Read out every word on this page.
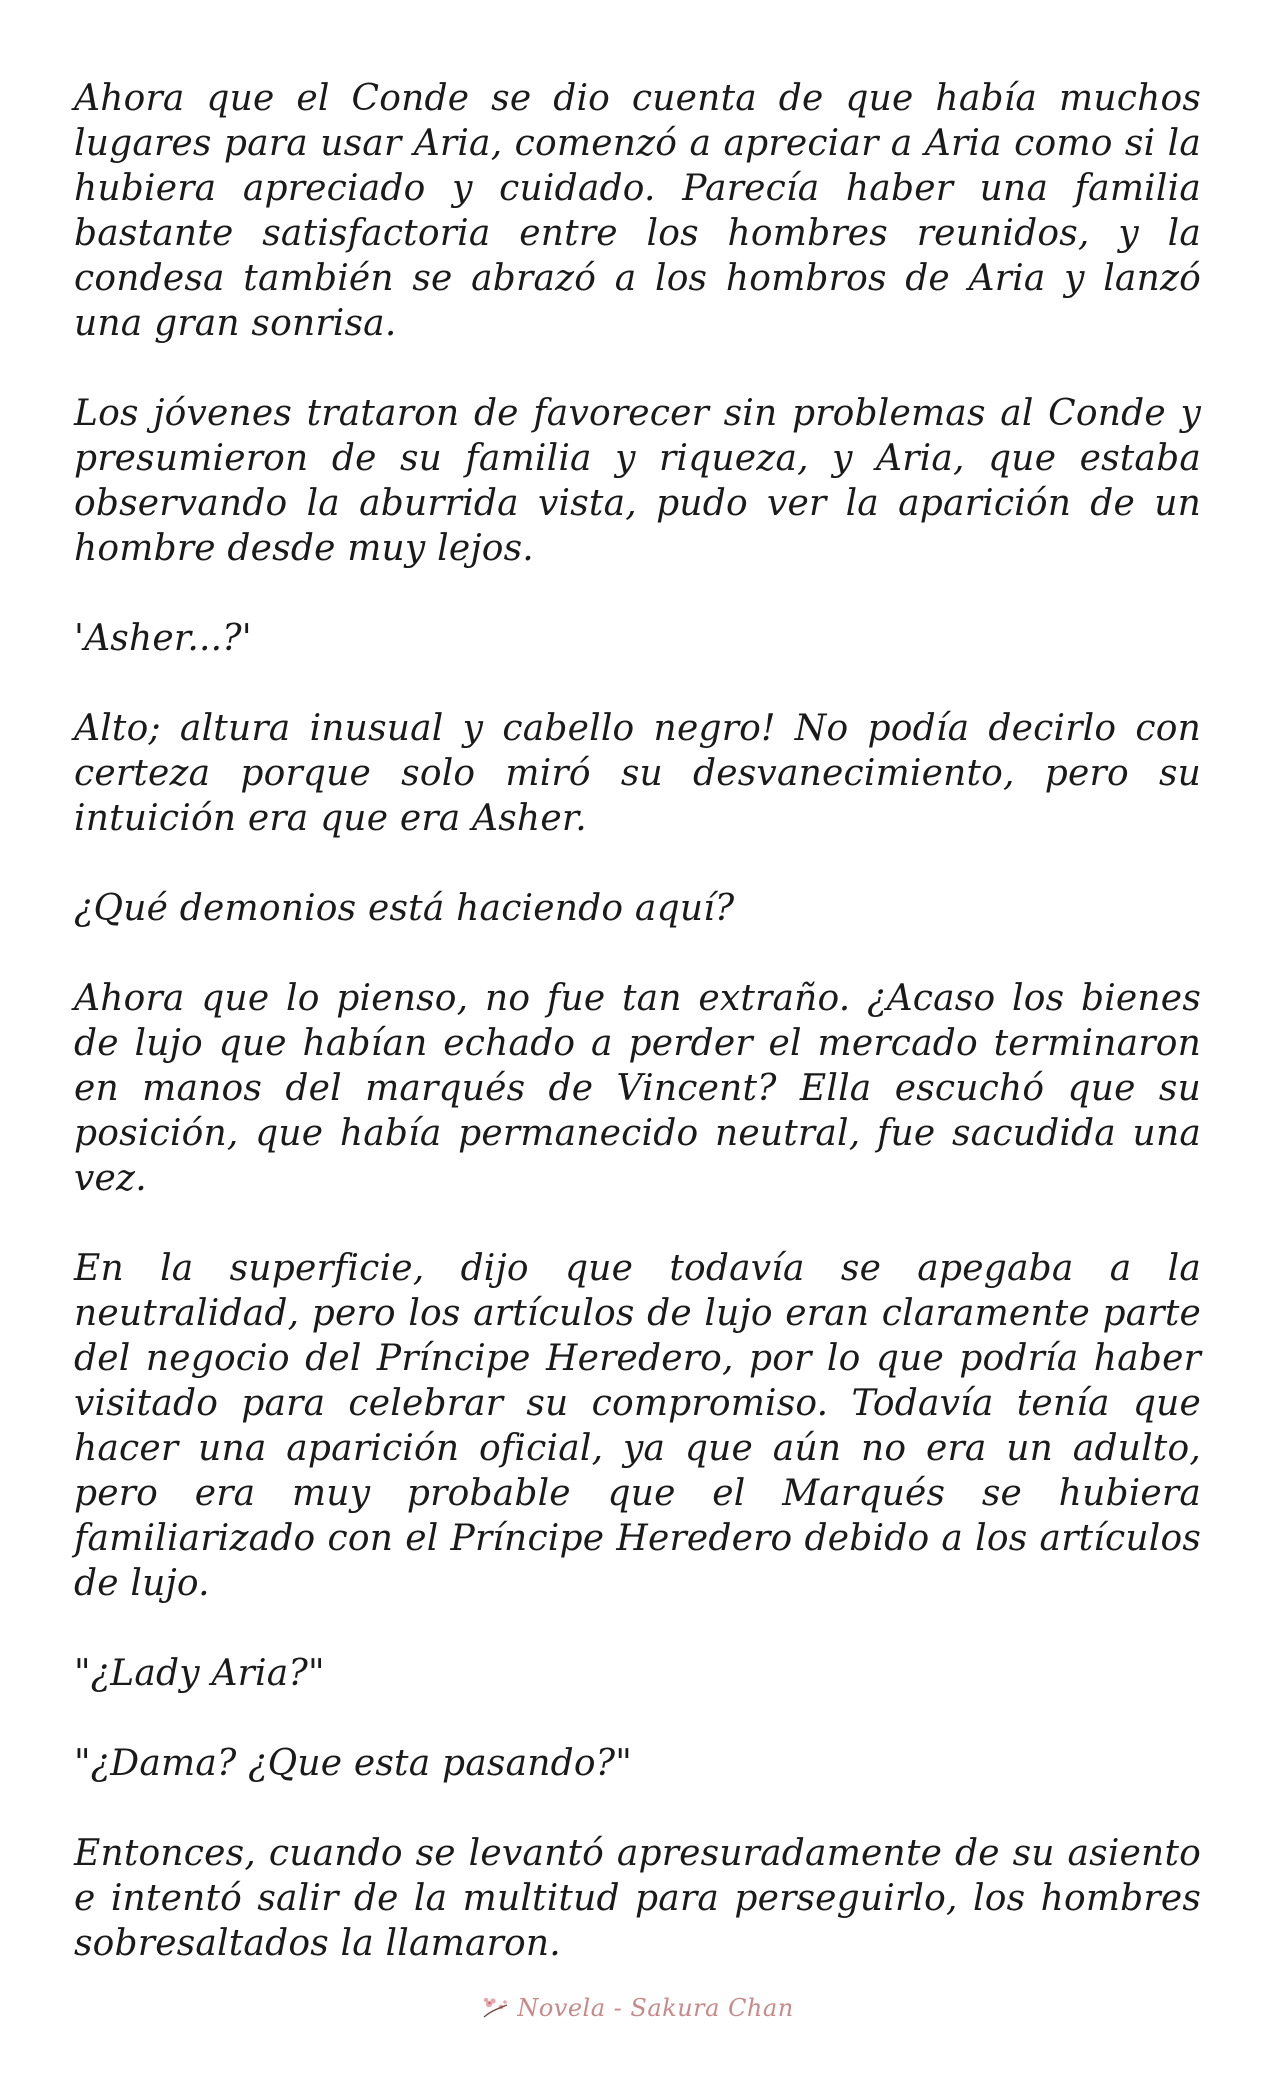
Ahora que el Conde se dio cuenta de que había muchos lugares para usar Aria, comenzó a apreciar a Aria como si la hubiera apreciado y cuidado. Parecía haber una familia bastante satisfactoria entre los hombres reunidos, y la condesa también se abrazó a los hombros de Aria y lanzó una gran sonrisa.

Los jóvenes trataron de favorecer sin problemas al Conde y presumieron de su familia y riqueza, y Aria, que estaba observando la aburrida vista, pudo ver la aparición de un hombre desde muy lejos.

'Asher...?'

Alto; altura inusual y cabello negro! No podía decirlo con certeza porque solo miró su desvanecimiento, pero su intuición era que era Asher.

¿Qué demonios está haciendo aquí?

Ahora que lo pienso, no fue tan extraño. ¿Acaso los bienes de lujo que habían echado a perder el mercado terminaron en manos del marqués de Vincent? Ella escuchó que su posición, que había permanecido neutral, fue sacudida una vez.

En la superficie, dijo que todavía se apegaba a la neutralidad, pero los artículos de lujo eran claramente parte del negocio del Príncipe Heredero, por lo que podría haber visitado para celebrar su compromiso. Todavía tenía que hacer una aparición oficial, ya que aún no era un adulto, pero era muy probable que el Marqués se hubiera familiarizado con el Príncipe Heredero debido a los artículos de lujo.

"¿Lady Aria?"

"¿Dama? ¿Que esta pasando?"

Entonces, cuando se levantó apresuradamente de su asiento e intentó salir de la multitud para perseguirlo, los hombres sobresaltados la llamaron.

Novela - Sakura Chan
